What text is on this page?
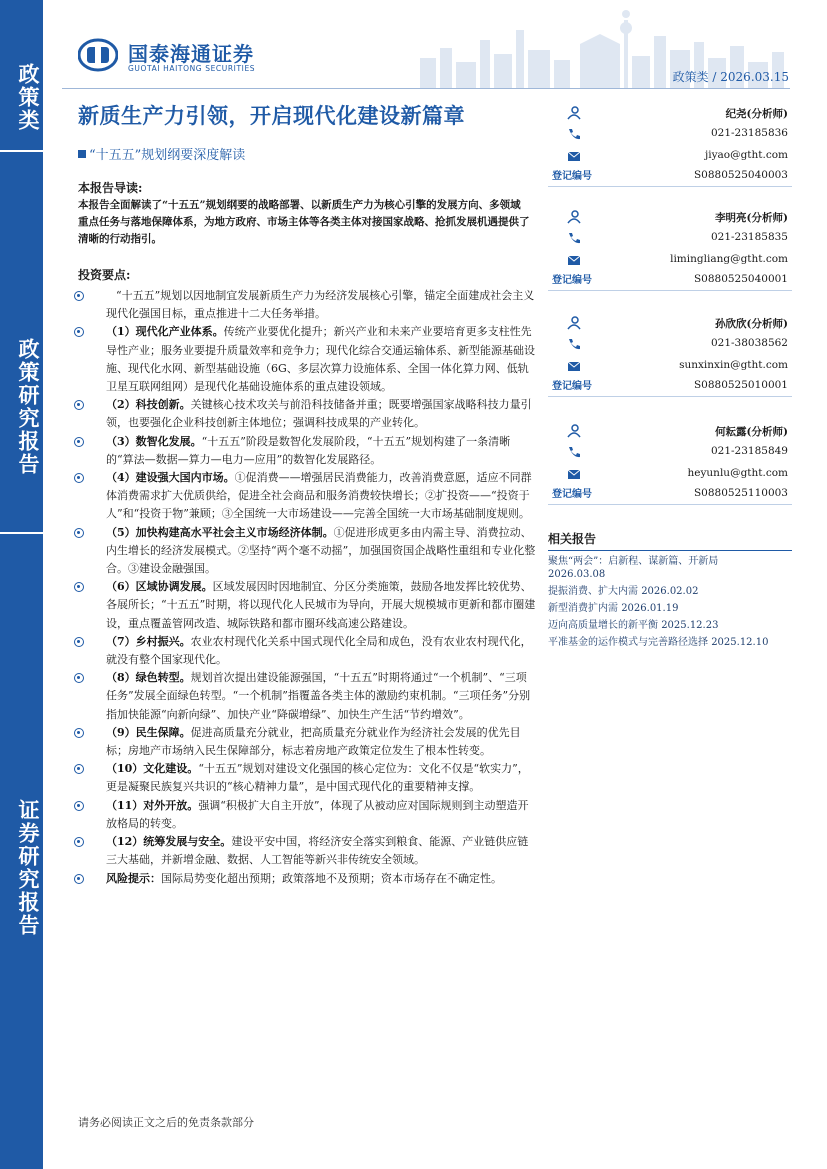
政策类
政策研究报告
证券研究报告
国泰海通证券
GUOTAI HAITONG SECURITIES
政策类 / 2026.03.15
新质生产力引领，开启现代化建设新篇章
“十五五”规划纲要深度解读
本报告导读:
本报告全面解读了“十五五”规划纲要的战略部署、以新质生产力为核心引擎的发展方向、多领域重点任务与落地保障体系，为地方政府、市场主体等各类主体对接国家战略、抢抓发展机遇提供了清晰的行动指引。
投资要点:
“十五五”规划以因地制宜发展新质生产力为经济发展核心引擎，锚定全面建成社会主义现代化强国目标，重点推进十二大任务举措。
（1）现代化产业体系。传统产业要优化提升；新兴产业和未来产业要培育更多支柱性先导性产业；服务业要提升质量效率和竞争力；现代化综合交通运输体系、新型能源基础设施、现代化水网、新型基础设施（6G、多层次算力设施体系、全国一体化算力网、低轨卫星互联网组网）是现代化基础设施体系的重点建设领域。
（2）科技创新。关键核心技术攻关与前沿科技储备并重；既要增强国家战略科技力量引领，也要强化企业科技创新主体地位；强调科技成果的产业转化。
（3）数智化发展。“十五五”阶段是数智化发展阶段，“十五五”规划构建了一条清晰的“算法—数据—算力—电力—应用”的数智化发展路径。
（4）建设强大国内市场。①促消费——增强居民消费能力，改善消费意愿，适应不同群体消费需求扩大优质供给，促进全社会商品和服务消费较快增长；②扩投资——“投资于人”和“投资于物”兼顾；③全国统一大市场建设——完善全国统一大市场基础制度规则。
（5）加快构建高水平社会主义市场经济体制。①促进形成更多由内需主导、消费拉动、内生增长的经济发展模式。②坚持“两个毫不动摇”，加强国资国企战略性重组和专业化整合。③建设金融强国。
（6）区域协调发展。区域发展因时因地制宜、分区分类施策，鼓励各地发挥比较优势、各展所长；“十五五”时期，将以现代化人民城市为导向，开展大规模城市更新和都市圈建设，重点覆盖管网改造、城际铁路和都市圈环线高速公路建设。
（7）乡村振兴。农业农村现代化关系中国式现代化全局和成色，没有农业农村现代化，就没有整个国家现代化。
（8）绿色转型。规划首次提出建设能源强国，“十五五”时期将通过“一个机制”、“三项任务”发展全面绿色转型。“一个机制”指覆盖各类主体的激励约束机制。“三项任务”分别指加快能源“向新向绿”、加快产业“降碳增绿”、加快生产生活“节约增效”。
（9）民生保障。促进高质量充分就业，把高质量充分就业作为经济社会发展的优先目标；房地产市场纳入民生保障部分，标志着房地产政策定位发生了根本性转变。
（10）文化建设。“十五五”规划对建设文化强国的核心定位为：文化不仅是“软实力”，更是凝聚民族复兴共识的“核心精神力量”，是中国式现代化的重要精神支撑。
（11）对外开放。强调“积极扩大自主开放”，体现了从被动应对国际规则到主动塑造开放格局的转变。
（12）统筹发展与安全。建设平安中国，将经济安全落实到粮食、能源、产业链供应链三大基础，并新增金融、数据、人工智能等新兴非传统安全领域。
风险提示：国际局势变化超出预期；政策落地不及预期；资本市场存在不确定性。
请务必阅读正文之后的免责条款部分
纪尧(分析师)
021-23185836
jiyao@gtht.com
登记编号	S0880525040003
李明亮(分析师)
021-23185835
limingliang@gtht.com
登记编号	S0880525040001
孙欣欣(分析师)
021-38038562
sunxinxin@gtht.com
登记编号	S0880525010001
何耘露(分析师)
021-23185849
heyunlu@gtht.com
登记编号	S0880525110003
相关报告
聚焦“两会”：启新程、谋新篇、开新局
2026.03.08
提振消费、扩大内需 2026.02.02
新型消费扩内需 2026.01.19
迈向高质量增长的新平衡 2025.12.23
平准基金的运作模式与完善路径选择 2025.12.10
